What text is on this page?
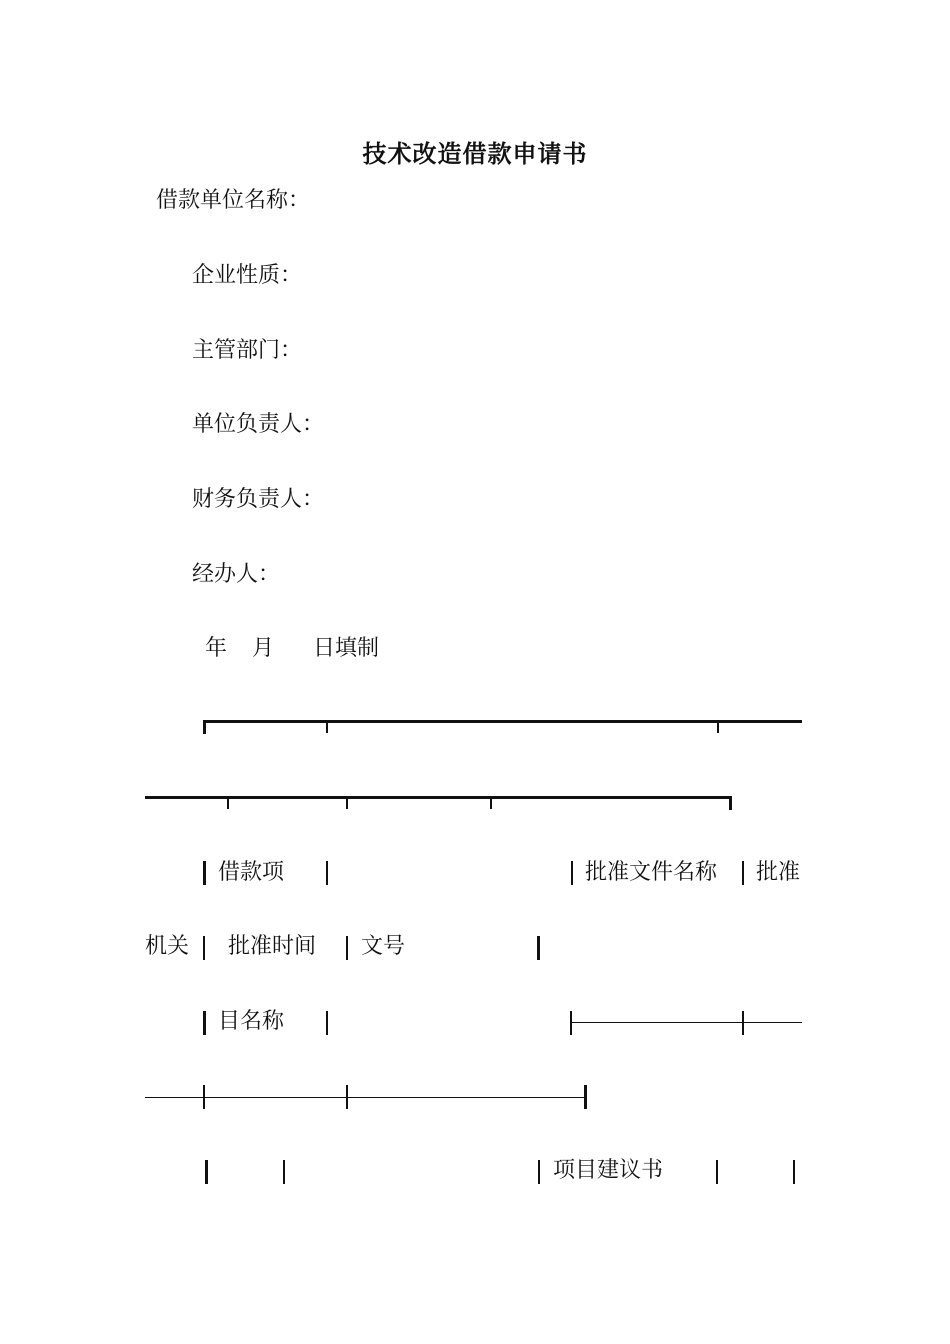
技术改造借款申请书
借款单位名称：
企业性质：
主管部门：
单位负责人：
财务负责人：
经办人：
年 月 日填制
借款项	批准文件名称 批准
机关 批准时间 文号
目名称
项目建议书
